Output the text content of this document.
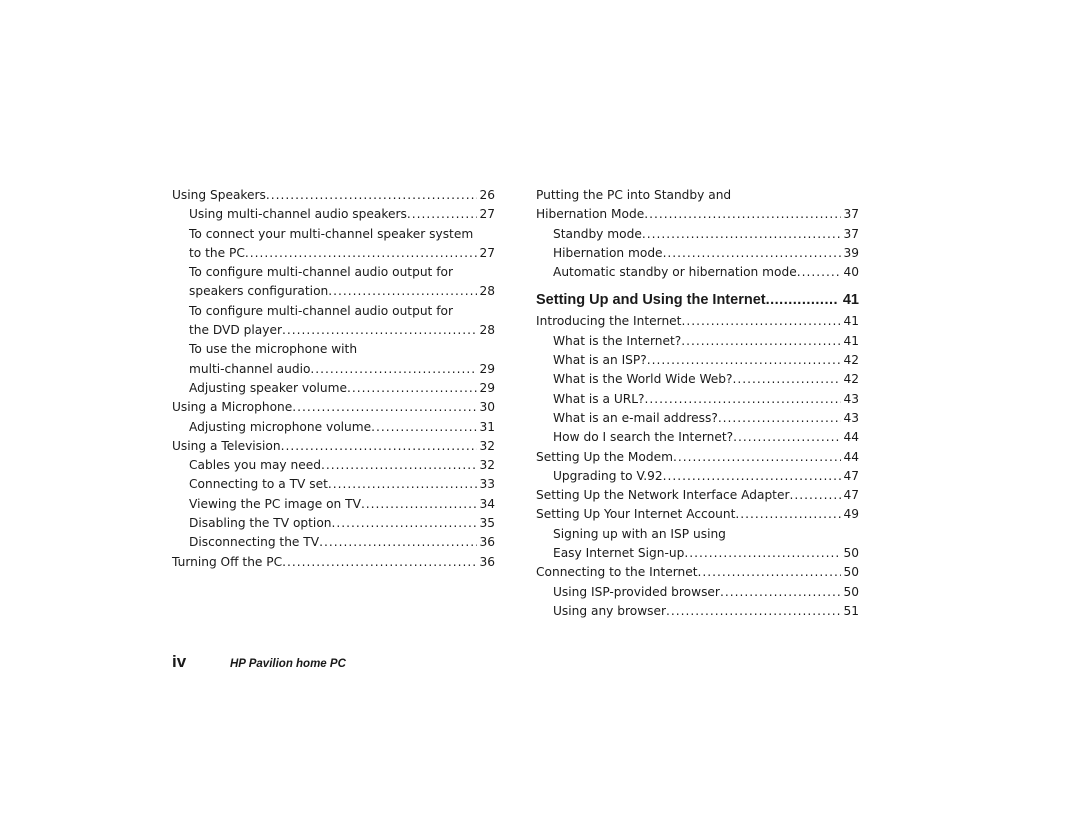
Using Speakers .....	26
Using multi-channel audio speakers .....	27
To connect your multi-channel speaker system
to the PC .....	27
To configure multi-channel audio output for
speakers configuration .....	28
To configure multi-channel audio output for
the DVD player .....	28
To use the microphone with
multi-channel audio .....	29
Adjusting speaker volume .....	29
Using a Microphone .....	30
Adjusting microphone volume .....	31
Using a Television .....	32
Cables you may need .....	32
Connecting to a TV set .....	33
Viewing the PC image on TV .....	34
Disabling the TV option .....	35
Disconnecting the TV .....	36
Turning Off the PC .....	36
Putting the PC into Standby and
Hibernation Mode .....	37
Standby mode .....	37
Hibernation mode .....	39
Automatic standby or hibernation mode .....	40
Setting Up and Using the Internet .....	41
Introducing the Internet .....	41
What is the Internet? .....	41
What is an ISP? .....	42
What is the World Wide Web? .....	42
What is a URL? .....	43
What is an e-mail address? .....	43
How do I search the Internet? .....	44
Setting Up the Modem .....	44
Upgrading to V.92 .....	47
Setting Up the Network Interface Adapter .....	47
Setting Up Your Internet Account .....	49
Signing up with an ISP using
Easy Internet Sign-up .....	50
Connecting to the Internet .....	50
Using ISP-provided browser .....	50
Using any browser .....	51
iv	HP Pavilion home PC
